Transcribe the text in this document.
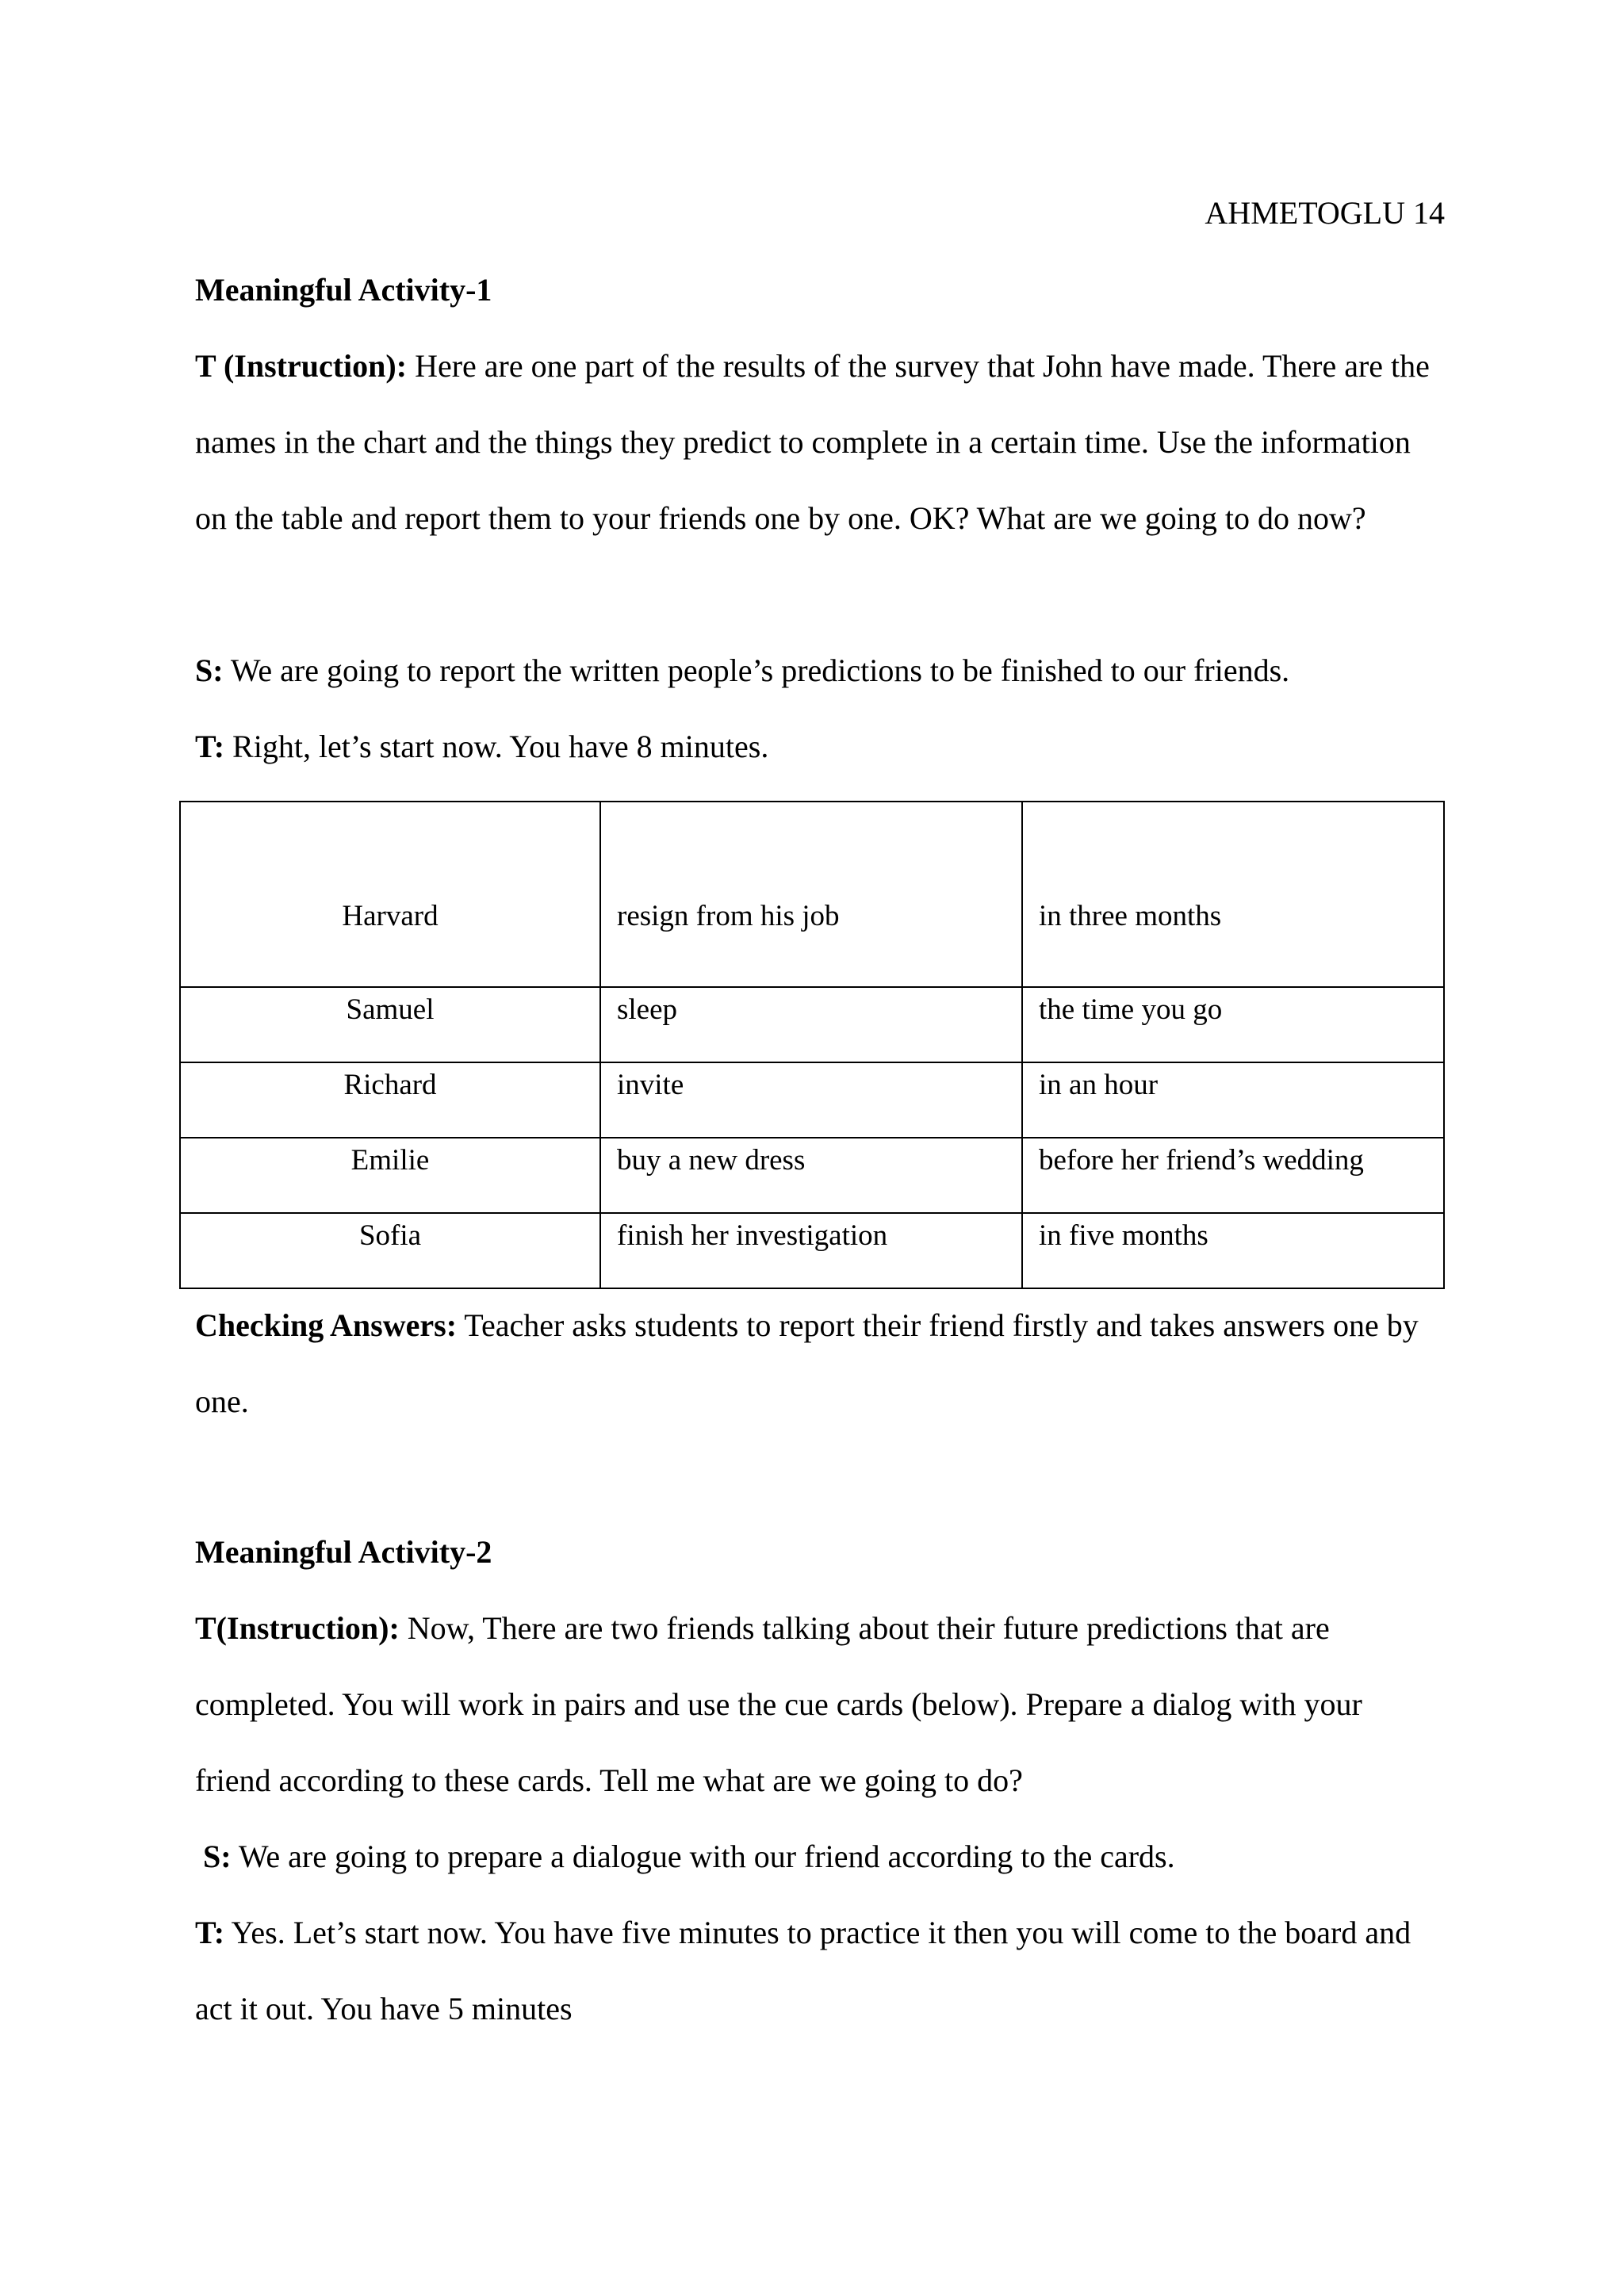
AHMETOGLU 14

Meaningful Activity-1

T (Instruction): Here are one part of the results of the survey that John have made. There are the names in the chart and the things they predict to complete in a certain time. Use the information on the table and report them to your friends one by one. OK? What are we going to do now?

S: We are going to report the written people’s predictions to be finished to our friends.

T: Right, let’s start now. You have 8 minutes.

Harvard	resign from his job	in three months
Samuel	sleep	the time you go
Richard	invite	in an hour
Emilie	buy a new dress	before her friend’s wedding
Sofia	finish her investigation	in five months

Checking Answers: Teacher asks students to report their friend firstly and takes answers one by one.

Meaningful Activity-2

T(Instruction): Now, There are two friends talking about their future predictions that are completed. You will work in pairs and use the cue cards (below). Prepare a dialog with your friend according to these cards. Tell me what are we going to do?

S: We are going to prepare a dialogue with our friend according to the cards.

T: Yes. Let’s start now. You have five minutes to practice it then you will come to the board and act it out. You have 5 minutes
